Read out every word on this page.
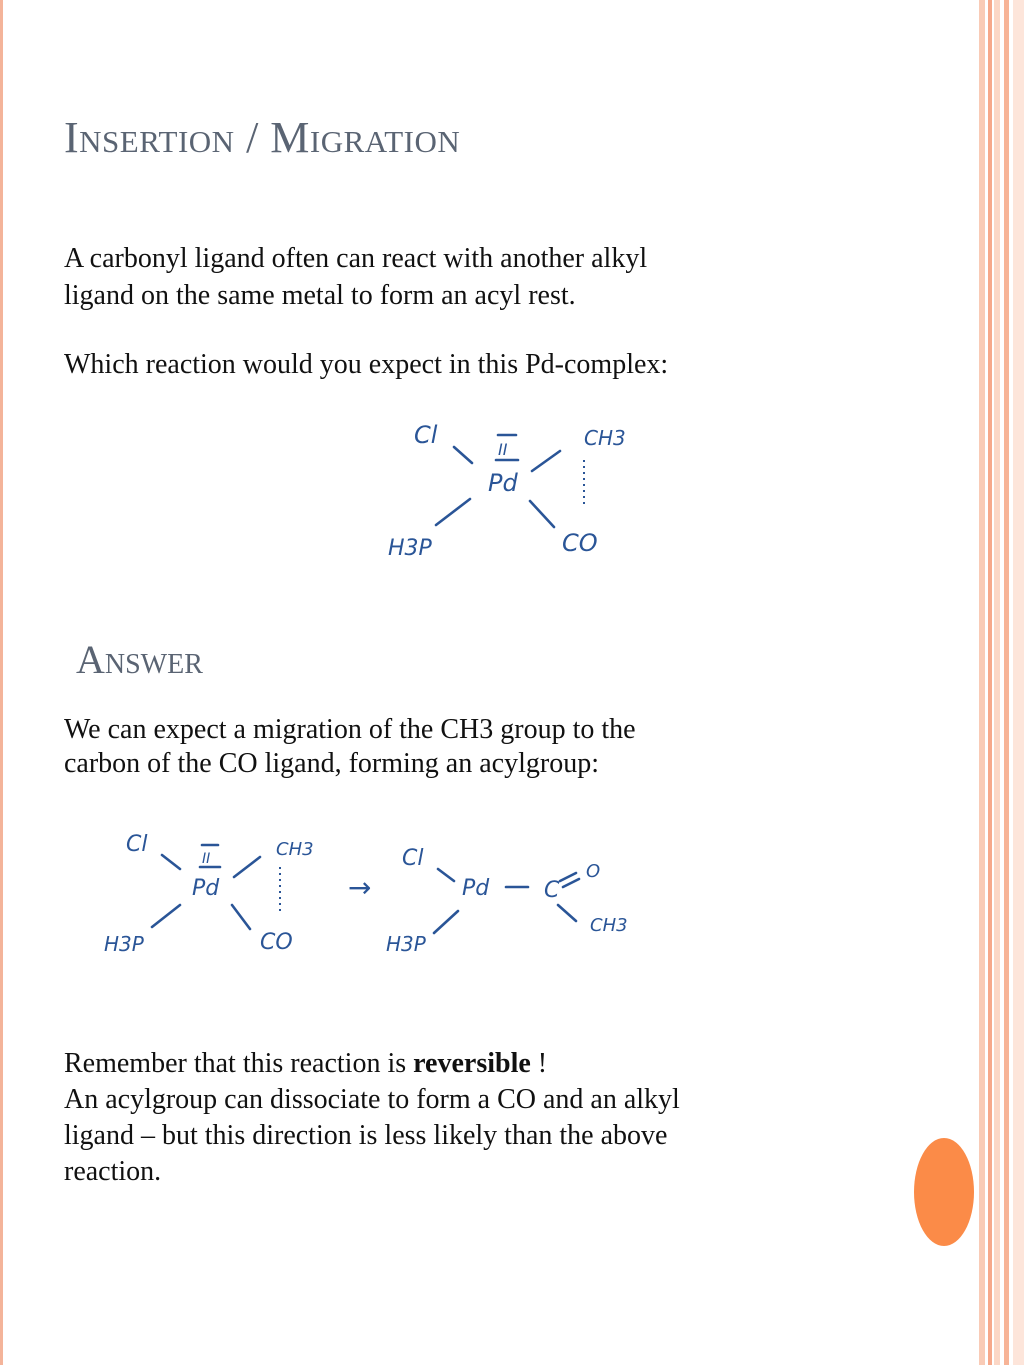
Insertion / Migration

A carbonyl ligand often can react with another alkyl
ligand on the same metal to form an acyl rest.

Which reaction would you expect in this Pd-complex:

Cl
II
Pd
CH3
CO
H3P
Answer

We can expect a migration of the CH3 group to the
carbon of the CO ligand, forming an acylgroup:

Cl
II
Pd
CH3
CO
H3P
→
Cl
Pd C
O
CH3
H3P

Remember that this reaction is reversible !
An acylgroup can dissociate to form a CO and an alkyl
ligand – but this direction is less likely than the above
reaction.
